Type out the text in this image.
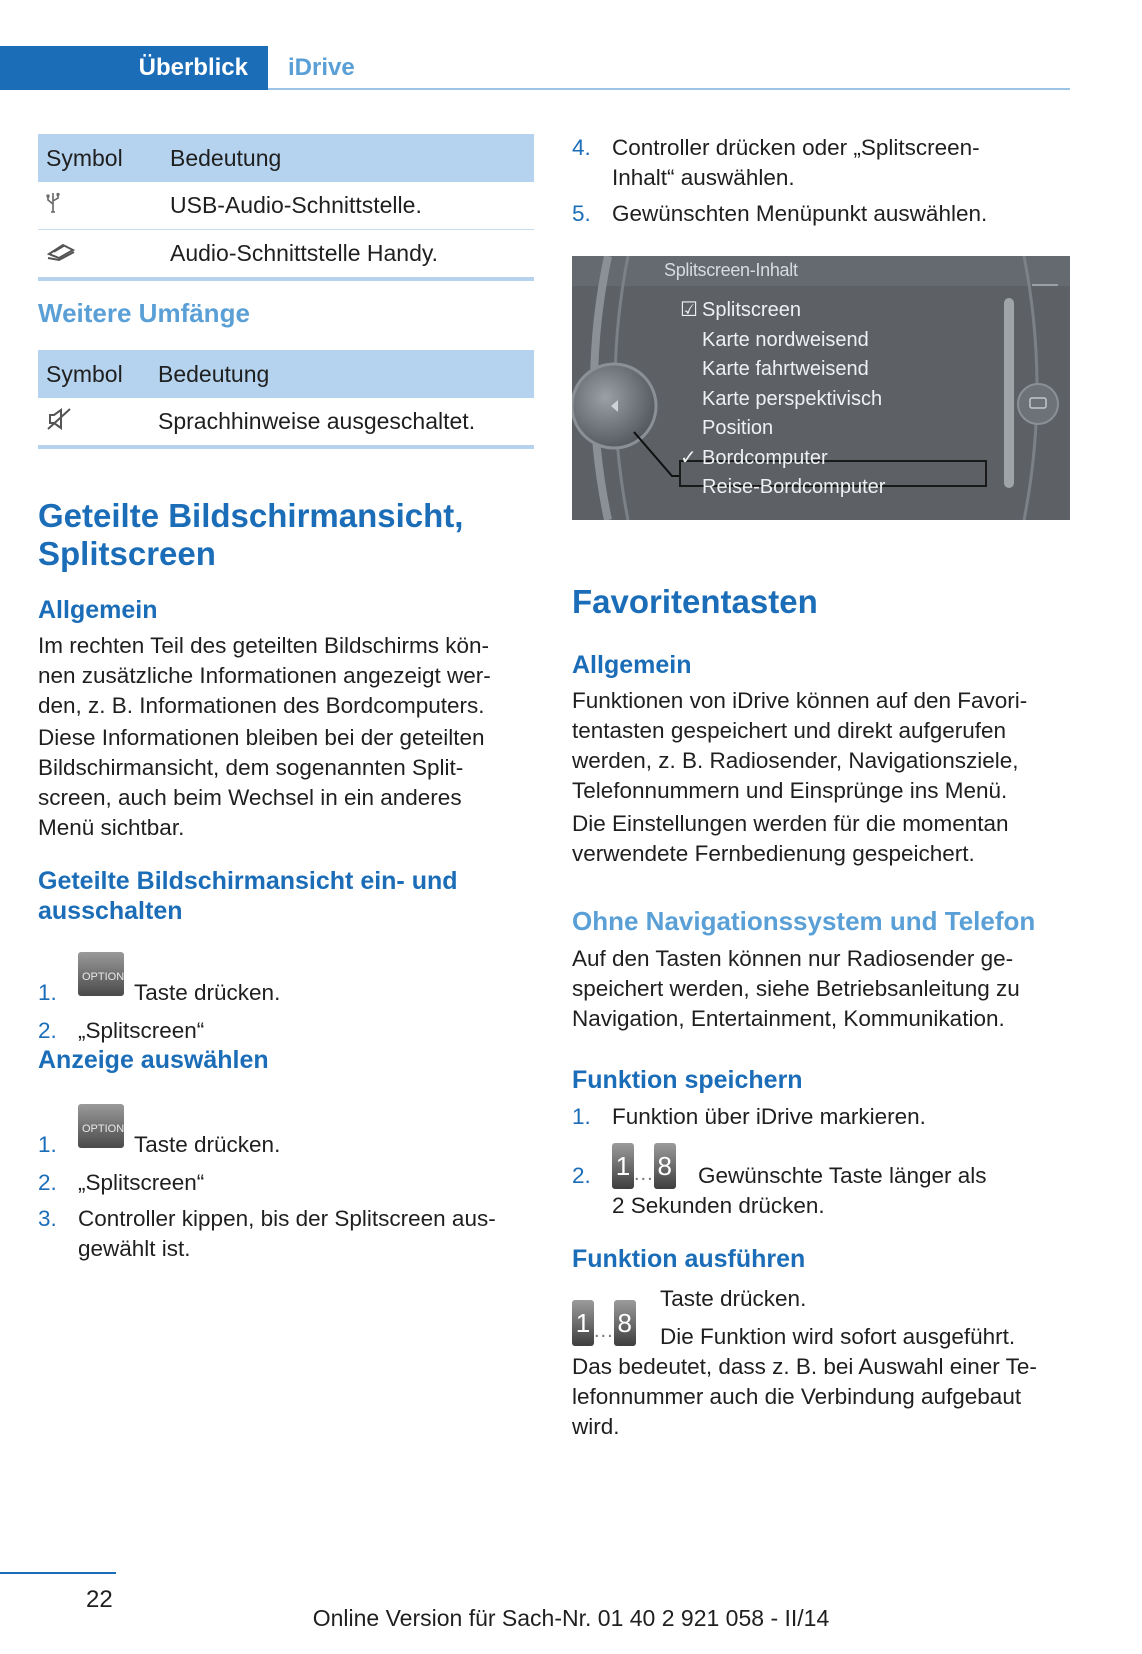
Überblick	iDrive
Symbol	Bedeutung
	USB-Audio-Schnittstelle.
	Audio-Schnittstelle Handy.
Weitere Umfänge
Symbol	Bedeutung
	Sprachhinweise ausgeschaltet.
Geteilte Bildschirmansicht,
Splitscreen
Allgemein

Im rechten Teil des geteilten Bildschirms kön-
nen zusätzliche Informationen angezeigt wer-
den, z. B. Informationen des Bordcomputers.

Diese Informationen bleiben bei der geteilten
Bildschirmansicht, dem sogenannten Split-
screen, auch beim Wechsel in ein anderes
Menü sichtbar.

Geteilte Bildschirmansicht ein- und
ausschalten
1.
OPTION
Taste drücken.
2. „Splitscreen“
Anzeige auswählen
1.
OPTION
Taste drücken.
2. „Splitscreen“
3. Controller kippen, bis der Splitscreen aus-
gewählt ist.
4. Controller drücken oder „Splitscreen-
Inhalt“ auswählen.
5. Gewünschten Menüpunkt auswählen.
Splitscreen-Inhalt
☑ Splitscreen
Karte nordweisend
Karte fahrtweisend
Karte perspektivisch
Position
✓ Bordcomputer
Reise-Bordcomputer
Favoritentasten
Allgemein

Funktionen von iDrive können auf den Favori-
tentasten gespeichert und direkt aufgerufen
werden, z. B. Radiosender, Navigationsziele,
Telefonnummern und Einsprünge ins Menü.

Die Einstellungen werden für die momentan
verwendete Fernbedienung gespeichert.

Ohne Navigationssystem und Telefon

Auf den Tasten können nur Radiosender ge-
speichert werden, siehe Betriebsanleitung zu
Navigation, Entertainment, Kommunikation.

Funktion speichern
1. Funktion über iDrive markieren.
2. 1 ... 8 Gewünschte Taste länger als
2 Sekunden drücken.
Funktion ausführen
1 ... 8
Taste drücken.
Die Funktion wird sofort ausgeführt.

Das bedeutet, dass z. B. bei Auswahl einer Te-
lefonnummer auch die Verbindung aufgebaut
wird.

22
Online Version für Sach-Nr. 01 40 2 921 058 - II/14
